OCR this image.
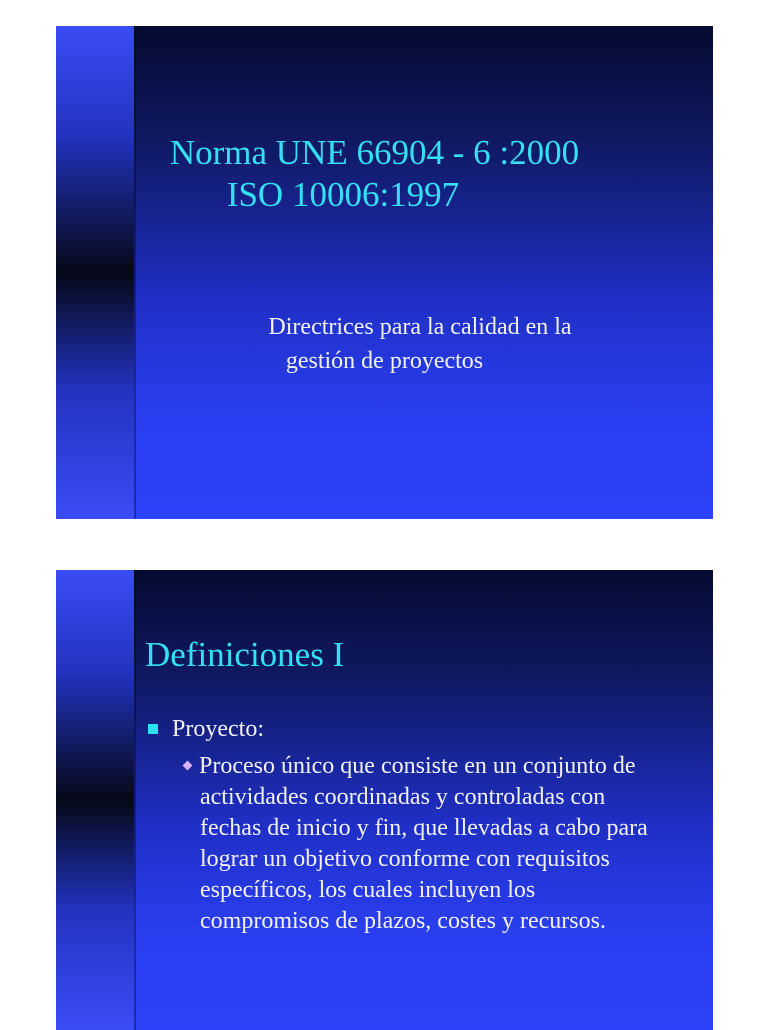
Norma UNE 66904 - 6 :2000
ISO 10006:1997

Directrices para la calidad en la
gestión de proyectos

Definiciones I
Proyecto:
Proceso único que consiste en un conjunto de
actividades coordinadas y controladas con
fechas de inicio y fin, que llevadas a cabo para
lograr un objetivo conforme con requisitos
específicos, los cuales incluyen los
compromisos de plazos, costes y recursos.
